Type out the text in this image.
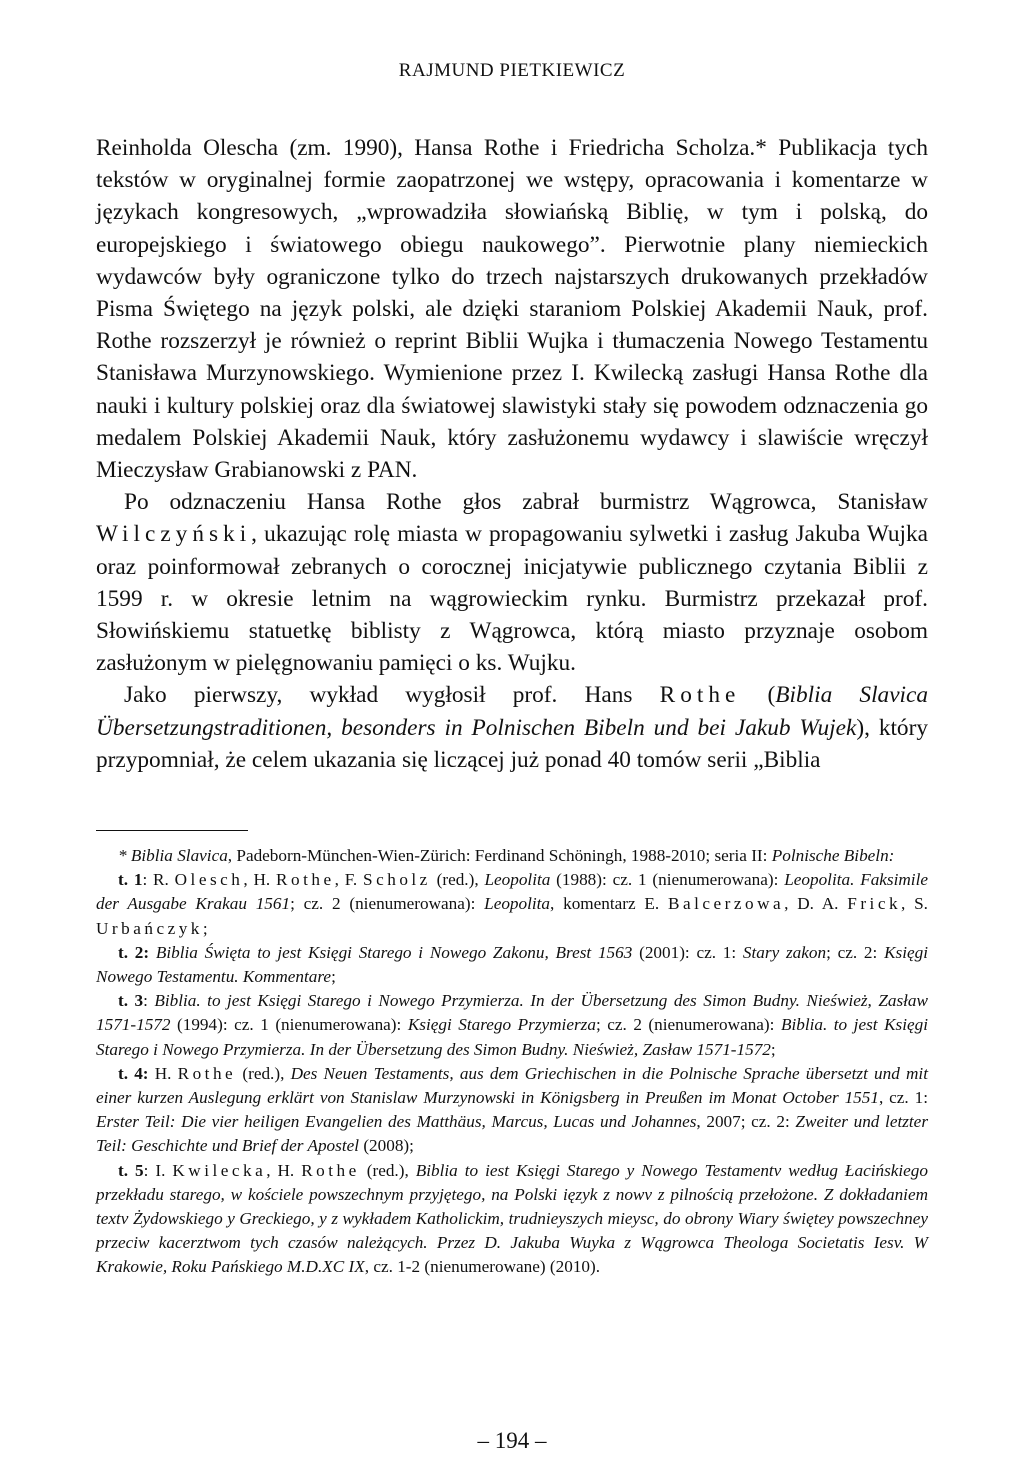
RAJMUND PIETKIEWICZ

Reinholda Olescha (zm. 1990), Hansa Rothe i Friedricha Scholza.* Publikacja tych tekstów w oryginalnej formie zaopatrzonej we wstępy, opracowania i komentarze w językach kongresowych, „wprowadziła słowiańską Biblię, w tym i polską, do europejskiego i światowego obiegu naukowego”. Pierwotnie plany niemieckich wydawców były ograniczone tylko do trzech najstarszych drukowanych przekładów Pisma Świętego na język polski, ale dzięki staraniom Polskiej Akademii Nauk, prof. Rothe rozszerzył je również o reprint Biblii Wujka i tłumaczenia Nowego Testamentu Stanisława Murzynowskiego. Wymienione przez I. Kwilecką zasługi Hansa Rothe dla nauki i kultury polskiej oraz dla światowej slawistyki stały się powodem odznaczenia go medalem Polskiej Akademii Nauk, który zasłużonemu wydawcy i slawiście wręczył Mieczysław Grabianowski z PAN.

Po odznaczeniu Hansa Rothe głos zabrał burmistrz Wągrowca, Stanisław Wilczyński, ukazując rolę miasta w propagowaniu sylwetki i zasług Jakuba Wujka oraz poinformował zebranych o corocznej inicjatywie publicznego czytania Biblii z 1599 r. w okresie letnim na wągrowieckim rynku. Burmistrz przekazał prof. Słowińskiemu statuetkę biblisty z Wągrowca, którą miasto przyznaje osobom zasłużonym w pielęgnowaniu pamięci o ks. Wujku.

Jako pierwszy, wykład wygłosił prof. Hans Rothe (Biblia Slavica Übersetzungstraditionen, besonders in Polnischen Bibeln und bei Jakub Wujek), który przypomniał, że celem ukazania się liczącej już ponad 40 tomów serii „Biblia

* Biblia Slavica, Padeborn-München-Wien-Zürich: Ferdinand Schöningh, 1988-2010; seria II: Polnische Bibeln:

t. 1: R. Olesch, H. Rothe, F. Scholz (red.), Leopolita (1988): cz. 1 (nienumerowana): Leopolita. Faksimile der Ausgabe Krakau 1561; cz. 2 (nienumerowana): Leopolita, komentarz E. Balcerzowa, D. A. Frick, S. Urbańczyk;

t. 2: Biblia Święta to jest Księgi Starego i Nowego Zakonu, Brest 1563 (2001): cz. 1: Stary zakon; cz. 2: Księgi Nowego Testamentu. Kommentare;

t. 3: Biblia. to jest Księgi Starego i Nowego Przymierza. In der Übersetzung des Simon Budny. Nieśwież, Zasław 1571-1572 (1994): cz. 1 (nienumerowana): Księgi Starego Przymierza; cz. 2 (nienumerowana): Biblia. to jest Księgi Starego i Nowego Przymierza. In der Übersetzung des Simon Budny. Nieśwież, Zasław 1571-1572;

t. 4: H. Rothe (red.), Des Neuen Testaments, aus dem Griechischen in die Polnische Sprache übersetzt und mit einer kurzen Auslegung erklärt von Stanislaw Murzynowski in Königsberg in Preußen im Monat October 1551, cz. 1: Erster Teil: Die vier heiligen Evangelien des Matthäus, Marcus, Lucas und Johannes, 2007; cz. 2: Zweiter und letzter Teil: Geschichte und Brief der Apostel (2008);

t. 5: I. Kwilecka, H. Rothe (red.), Biblia to iest Księgi Starego y Nowego Testamentv według Łacińskiego przekładu starego, w kościele powszechnym przyjętego, na Polski ięzyk z nowv z pilnością przełożone. Z dokładaniem textv Żydowskiego y Greckiego, y z wykładem Katholickim, trudnieyszych mieysc, do obrony Wiary świętey powszechney przeciw kacerztwom tych czasów należących. Przez D. Jakuba Wuyka z Wągrowca Theologa Societatis Iesv. W Krakowie, Roku Pańskiego M.D.XC IX, cz. 1-2 (nienumerowane) (2010).

– 194 –
